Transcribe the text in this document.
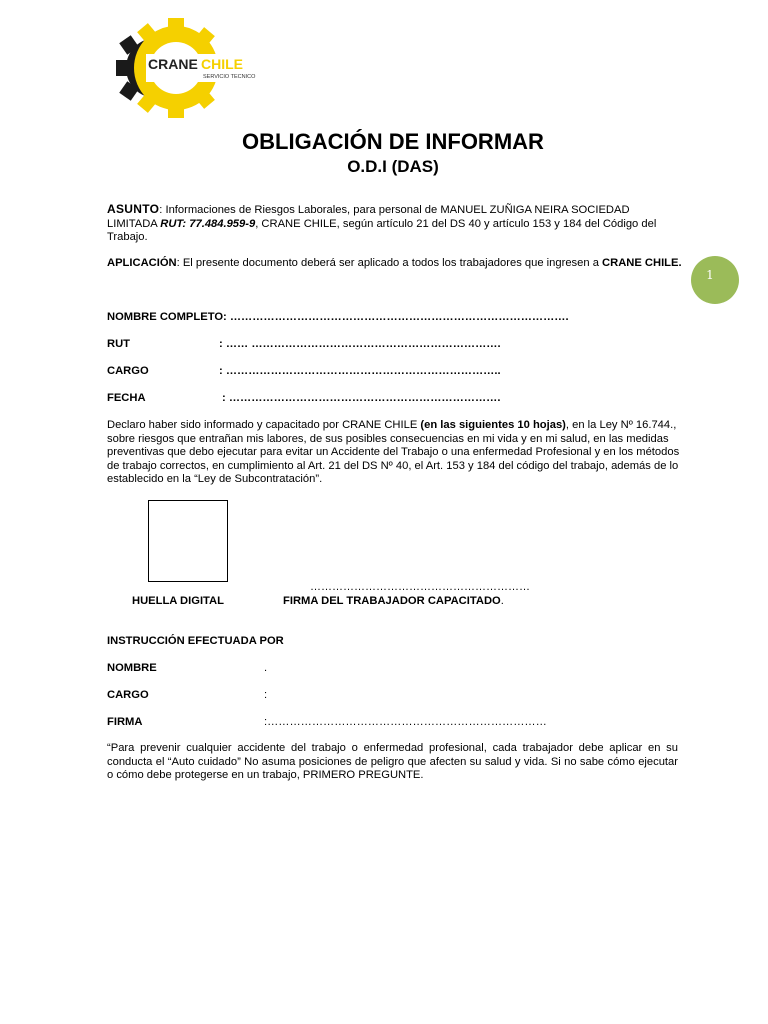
CRANE CHILE
SERVICIO TECNICO
1
OBLIGACIÓN DE INFORMAR
O.D.I (DAS)
ASUNTO: Informaciones de Riesgos Laborales, para personal de MANUEL ZUÑIGA NEIRA SOCIEDAD LIMITADA RUT: 77.484.959-9, CRANE CHILE, según artículo 21 del DS 40 y artículo 153 y 184 del Código del Trabajo.
APLICACIÓN: El presente documento deberá ser aplicado a todos los trabajadores que ingresen a CRANE CHILE.
NOMBRE COMPLETO: ……………………………………………………………………………….
RUT	: …… ………………………………………………………….
CARGO	: ………………………………………………………………..
FECHA	: ……………………………………………………………….
Declaro haber sido informado y capacitado por CRANE CHILE (en las siguientes 10 hojas), en la Ley Nº 16.744., sobre riesgos que entrañan mis labores, de sus posibles consecuencias en mi vida y en mi salud, en las medidas preventivas que debo ejecutar para evitar un Accidente del Trabajo o una enfermedad Profesional y en los métodos de trabajo correctos, en cumplimiento al Art. 21 del DS Nº 40, el Art. 153 y 184 del código del trabajo, además de lo establecido en la “Ley de Subcontratación”.
……………………………………………………
HUELLA DIGITAL	FIRMA DEL TRABAJADOR CAPACITADO.
INSTRUCCIÓN EFECTUADA POR
NOMBRE	.
CARGO	:
FIRMA	:…………………………………………………………………
“Para prevenir cualquier accidente del trabajo o enfermedad profesional, cada trabajador debe aplicar en su conducta el “Auto cuidado” No asuma posiciones de peligro que afecten su salud y vida. Si no sabe cómo ejecutar o cómo debe protegerse en un trabajo, PRIMERO PREGUNTE.
